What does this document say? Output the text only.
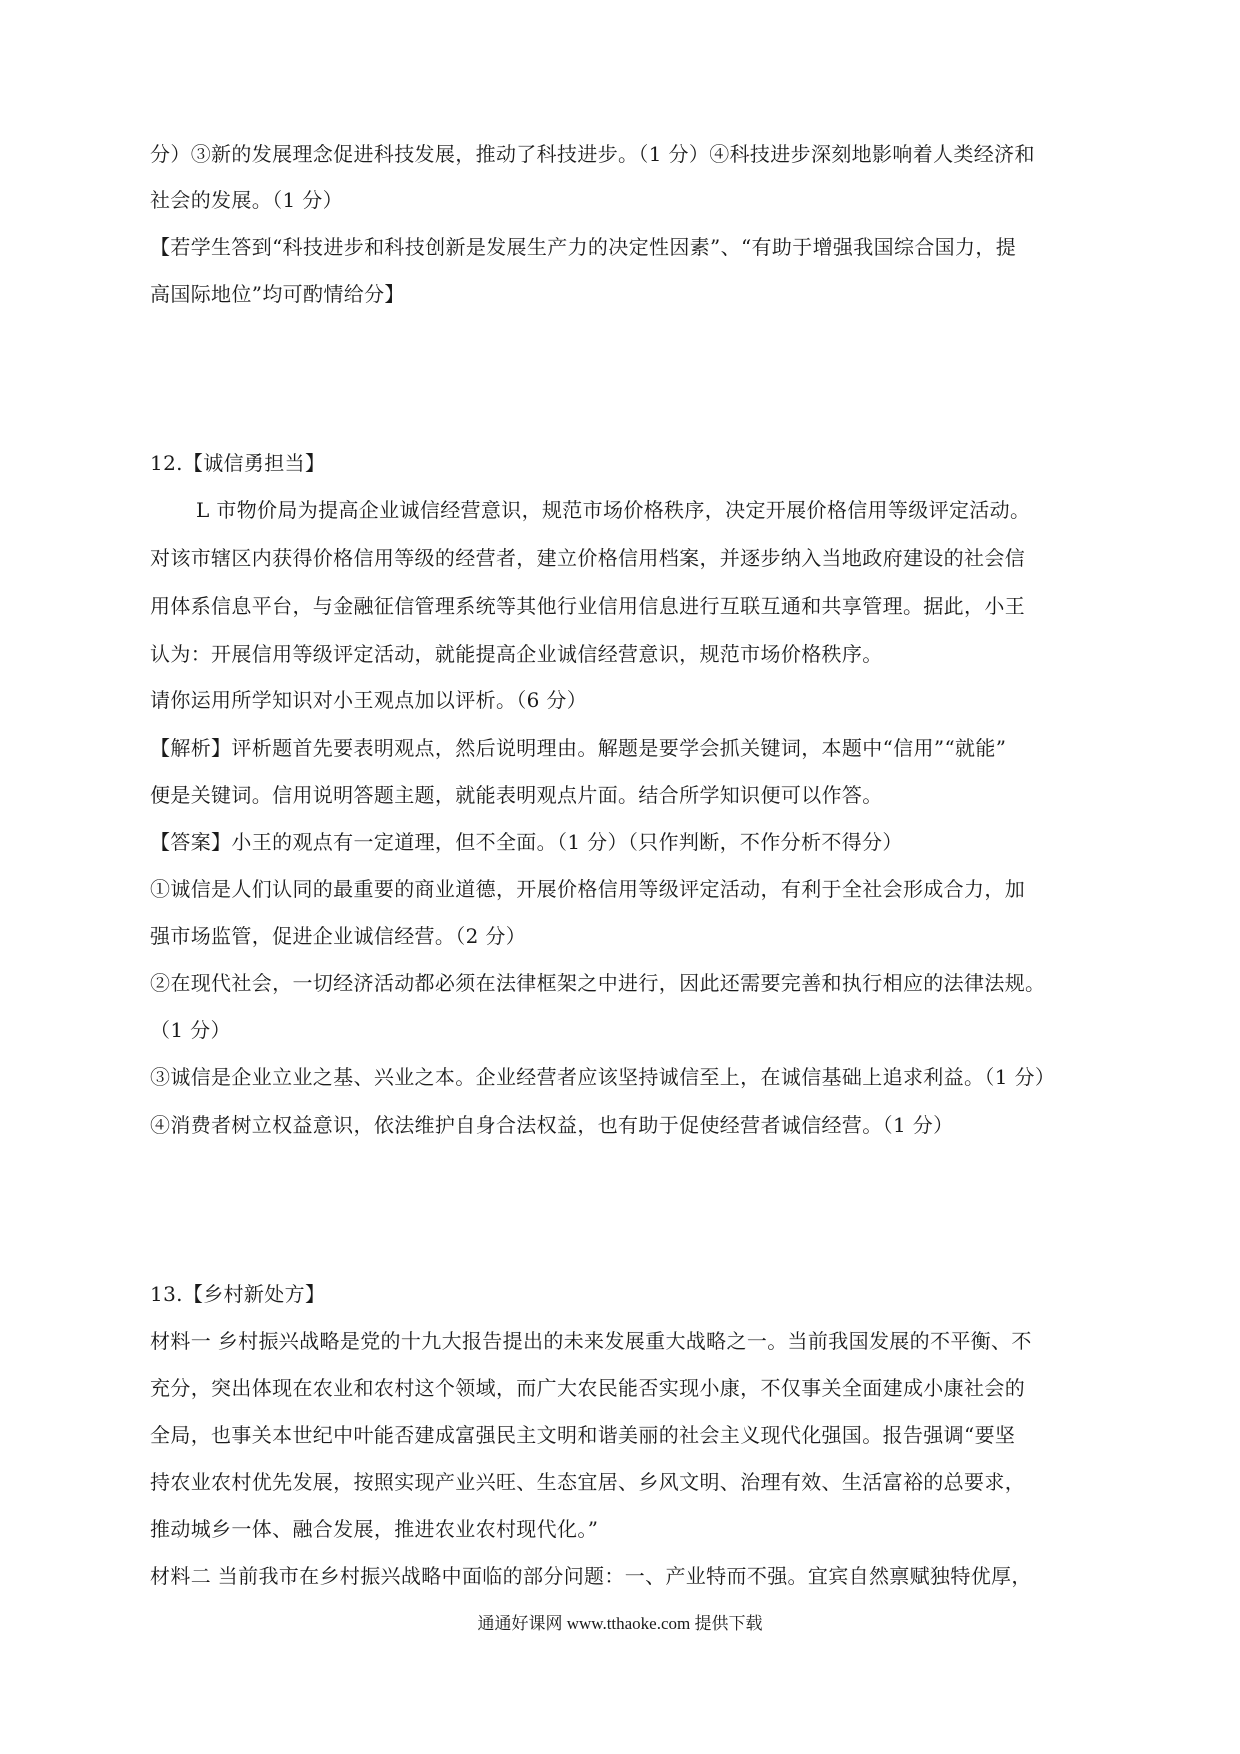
分）③新的发展理念促进科技发展，推动了科技进步。（1 分）④科技进步深刻地影响着人类经济和
社会的发展。（1 分）
【若学生答到“科技进步和科技创新是发展生产力的决定性因素”、“有助于增强我国综合国力，提
高国际地位”均可酌情给分】
12.【诚信勇担当】
L 市物价局为提高企业诚信经营意识，规范市场价格秩序，决定开展价格信用等级评定活动。
对该市辖区内获得价格信用等级的经营者，建立价格信用档案，并逐步纳入当地政府建设的社会信
用体系信息平台，与金融征信管理系统等其他行业信用信息进行互联互通和共享管理。据此，小王
认为：开展信用等级评定活动，就能提高企业诚信经营意识，规范市场价格秩序。
请你运用所学知识对小王观点加以评析。（6 分）
【解析】评析题首先要表明观点，然后说明理由。解题是要学会抓关键词，本题中“信用”“就能”
便是关键词。信用说明答题主题，就能表明观点片面。结合所学知识便可以作答。
【答案】小王的观点有一定道理，但不全面。（1 分）（只作判断，不作分析不得分）
①诚信是人们认同的最重要的商业道德，开展价格信用等级评定活动，有利于全社会形成合力，加
强市场监管，促进企业诚信经营。（2 分）
②在现代社会，一切经济活动都必须在法律框架之中进行，因此还需要完善和执行相应的法律法规。
（1 分）
③诚信是企业立业之基、兴业之本。企业经营者应该坚持诚信至上，在诚信基础上追求利益。（1 分）
④消费者树立权益意识，依法维护自身合法权益，也有助于促使经营者诚信经营。（1 分）
13.【乡村新处方】
材料一 乡村振兴战略是党的十九大报告提出的未来发展重大战略之一。当前我国发展的不平衡、不
充分，突出体现在农业和农村这个领域，而广大农民能否实现小康，不仅事关全面建成小康社会的
全局，也事关本世纪中叶能否建成富强民主文明和谐美丽的社会主义现代化强国。报告强调“要坚
持农业农村优先发展，按照实现产业兴旺、生态宜居、乡风文明、治理有效、生活富裕的总要求，
推动城乡一体、融合发展，推进农业农村现代化。”
材料二 当前我市在乡村振兴战略中面临的部分问题：一、产业特而不强。宜宾自然禀赋独特优厚，
通通好课网 www.tthaoke.com 提供下载
